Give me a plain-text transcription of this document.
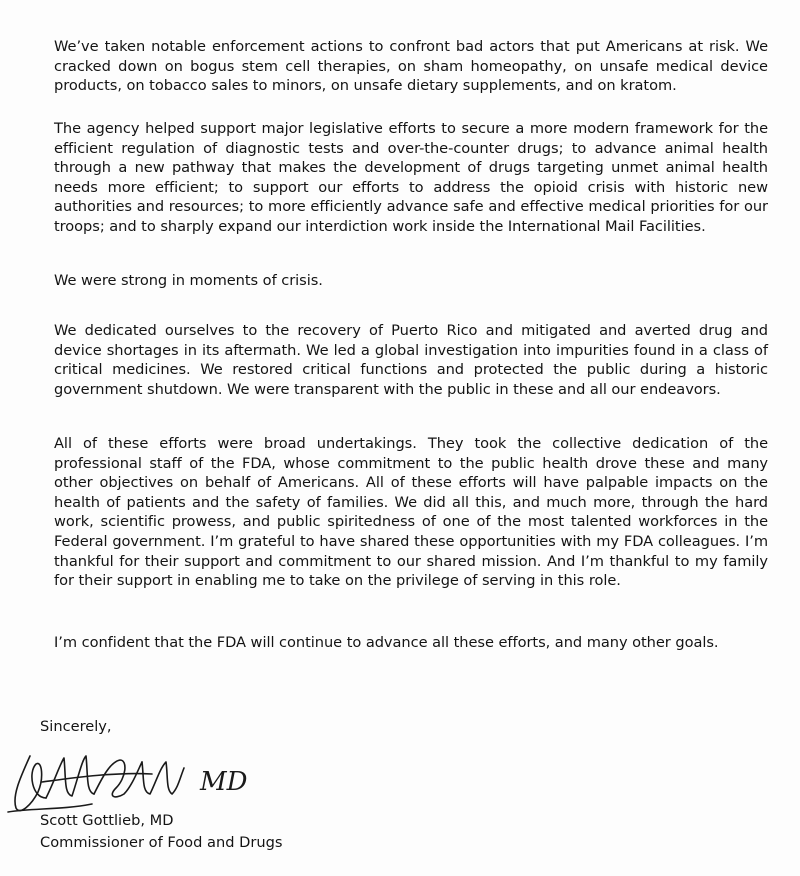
We’ve taken notable enforcement actions to confront bad actors that put Americans at risk. We cracked down on bogus stem cell therapies, on sham homeopathy, on unsafe medical device products, on tobacco sales to minors, on unsafe dietary supplements, and on kratom.

The agency helped support major legislative efforts to secure a more modern framework for the efficient regulation of diagnostic tests and over-the-counter drugs; to advance animal health through a new pathway that makes the development of drugs targeting unmet animal health needs more efficient; to support our efforts to address the opioid crisis with historic new authorities and resources; to more efficiently advance safe and effective medical priorities for our troops; and to sharply expand our interdiction work inside the International Mail Facilities.

We were strong in moments of crisis.

We dedicated ourselves to the recovery of Puerto Rico and mitigated and averted drug and device shortages in its aftermath. We led a global investigation into impurities found in a class of critical medicines. We restored critical functions and protected the public during a historic government shutdown. We were transparent with the public in these and all our endeavors.

All of these efforts were broad undertakings. They took the collective dedication of the professional staff of the FDA, whose commitment to the public health drove these and many other objectives on behalf of Americans. All of these efforts will have palpable impacts on the health of patients and the safety of families. We did all this, and much more, through the hard work, scientific prowess, and public spiritedness of one of the most talented workforces in the Federal government. I’m grateful to have shared these opportunities with my FDA colleagues. I’m thankful for their support and commitment to our shared mission. And I’m thankful to my family for their support in enabling me to take on the privilege of serving in this role.

I’m confident that the FDA will continue to advance all these efforts, and many other goals.

Sincerely,

MD

Scott Gottlieb, MD

Commissioner of Food and Drugs
